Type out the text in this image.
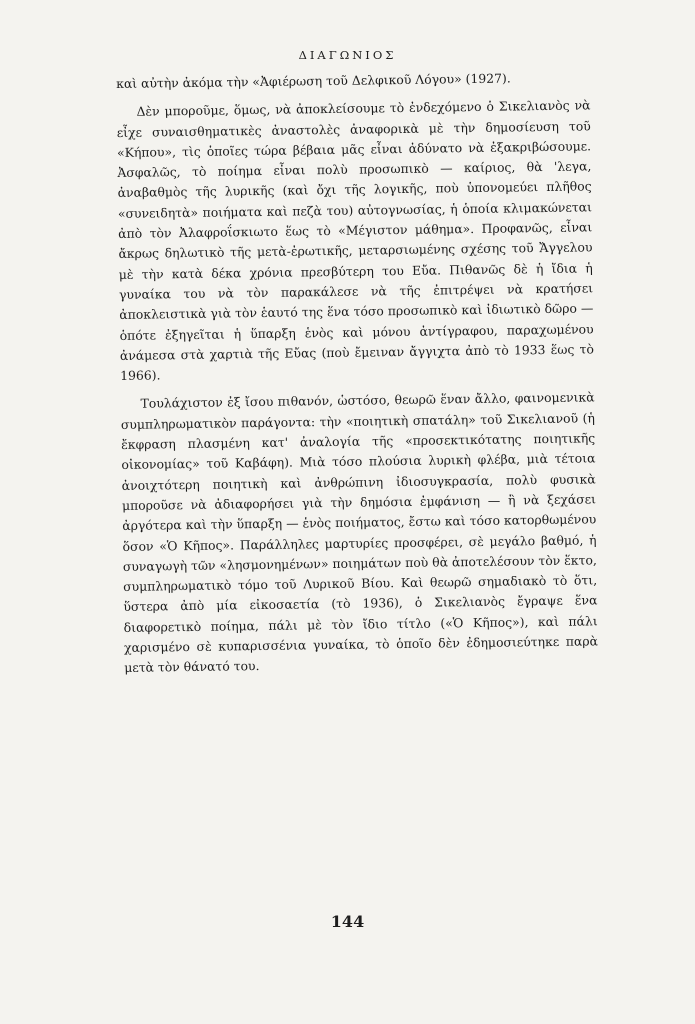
ΔΙΑΓΩΝΙΟΣ

καὶ αὐτὴν ἀκόμα τὴν «Ἀφιέρωση τοῦ Δελφικοῦ Λόγου» (1927).

Δὲν μποροῦμε, ὅμως, νὰ ἀποκλείσουμε τὸ ἐνδεχόμενο ὁ Σικελιανὸς νὰ εἶχε συναισθηματικὲς ἀναστολὲς ἀναφορικὰ μὲ τὴν δημοσίευση τοῦ «Κήπου», τὶς ὁποῖες τώρα βέβαια μᾶς εἶναι ἀδύνατο νὰ ἐξακριβώσουμε. Ἀσφαλῶς, τὸ ποίημα εἶναι πολὺ προσωπικὸ — καίριος, θὰ 'λεγα, ἀναβαθμὸς τῆς λυρικῆς (καὶ ὄχι τῆς λογικῆς, ποὺ ὑπονομεύει πλῆθος «συνειδητὰ» ποιήματα καὶ πεζὰ του) αὐτογνωσίας, ἡ ὁποία κλιμακώνεται ἀπὸ τὸν Ἀλαφροΐσκιωτο ἕως τὸ «Μέγιστον μάθημα». Προφανῶς, εἶναι ἄκρως δηλωτικὸ τῆς μετὰ-ἐρωτικῆς, μεταρσιωμένης σχέσης τοῦ Ἄγγελου μὲ τὴν κατὰ δέκα χρόνια πρεσβύτερη του Εὔα. Πιθανῶς δὲ ἡ ἴδια ἡ γυναίκα του νὰ τὸν παρακάλεσε νὰ τῆς ἐπιτρέψει νὰ κρατήσει ἀποκλειστικὰ γιὰ τὸν ἑαυτό της ἕνα τόσο προσωπικὸ καὶ ἰδιωτικὸ δῶρο — ὁπότε ἐξηγεῖται ἡ ὕπαρξη ἑνὸς καὶ μόνου ἀντίγραφου, παραχωμένου ἀνάμεσα στὰ χαρτιὰ τῆς Εὔας (ποὺ ἔμειναν ἄγγιχτα ἀπὸ τὸ 1933 ἕως τὸ 1966).

Τουλάχιστον ἐξ ἴσου πιθανόν, ὡστόσο, θεωρῶ ἕναν ἄλλο, φαινομενικὰ συμπληρωματικὸν παράγοντα: τὴν «ποιητικὴ σπατάλη» τοῦ Σικελιανοῦ (ἡ ἔκφραση πλασμένη κατ' ἀναλογία τῆς «προσεκτικότατης ποιητικῆς οἰκονομίας» τοῦ Καβάφη). Μιὰ τόσο πλούσια λυρικὴ φλέβα, μιὰ τέτοια ἀνοιχτότερη ποιητικὴ καὶ ἀνθρώπινη ἰδιοσυγκρασία, πολὺ φυσικὰ μποροῦσε νὰ ἀδιαφορήσει γιὰ τὴν δημόσια ἐμφάνιση — ἢ νὰ ξεχάσει ἀργότερα καὶ τὴν ὕπαρξη — ἑνὸς ποιήματος, ἔστω καὶ τόσο κατορθωμένου ὅσον «Ὁ Κῆπος». Παράλληλες μαρτυρίες προσφέρει, σὲ μεγάλο βαθμό, ἡ συναγωγὴ τῶν «λησμονημένων» ποιημάτων ποὺ θὰ ἀποτελέσουν τὸν ἕκτο, συμπληρωματικὸ τόμο τοῦ Λυρικοῦ Βίου. Καὶ θεωρῶ σημαδιακὸ τὸ ὅτι, ὕστερα ἀπὸ μία εἰκοσαετία (τὸ 1936), ὁ Σικελιανὸς ἔγραψε ἕνα διαφορετικὸ ποίημα, πάλι μὲ τὸν ἴδιο τίτλο («Ὁ Κῆπος»), καὶ πάλι χαρισμένο σὲ κυπαρισσένια γυναίκα, τὸ ὁποῖο δὲν ἐδημοσιεύτηκε παρὰ μετὰ τὸν θάνατό του.

144
